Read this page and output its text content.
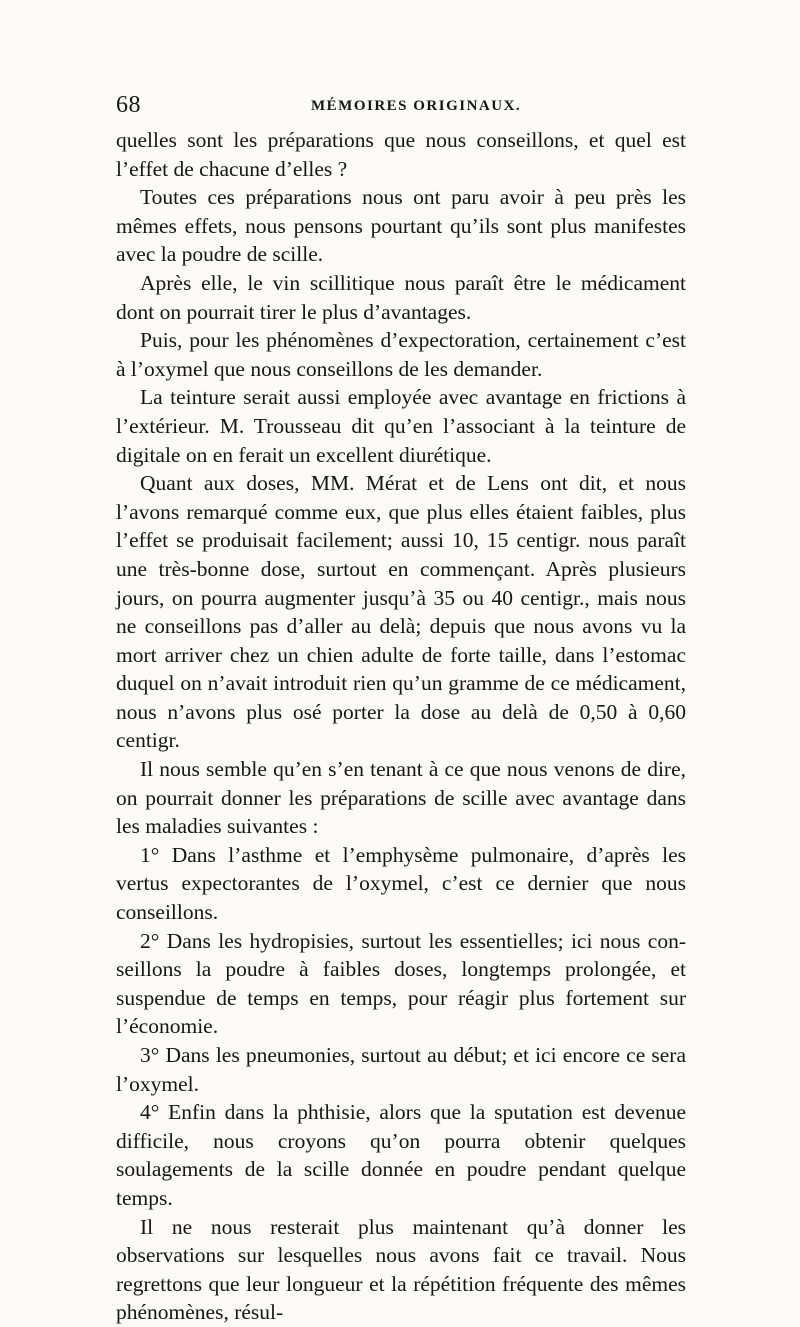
68	MÉMOIRES ORIGINAUX.

quelles sont les préparations que nous conseillons, et quel est l’effet de chacune d’elles ?

Toutes ces préparations nous ont paru avoir à peu près les mêmes effets, nous pensons pourtant qu’ils sont plus manifestes avec la poudre de scille.

Après elle, le vin scillitique nous paraît être le médicament dont on pourrait tirer le plus d’avantages.

Puis, pour les phénomènes d’expectoration, certainement c’est à l’oxymel que nous conseillons de les demander.

La teinture serait aussi employée avec avantage en frictions à l’extérieur. M. Trousseau dit qu’en l’associant à la teinture de digitale on en ferait un excellent diurétique.

Quant aux doses, MM. Mérat et de Lens ont dit, et nous l’avons remarqué comme eux, que plus elles étaient faibles, plus l’effet se produisait facilement; aussi 10, 15 centigr. nous paraît une très-bonne dose, surtout en commençant. Après plusieurs jours, on pourra augmenter jusqu’à 35 ou 40 centigr., mais nous ne conseillons pas d’aller au delà; depuis que nous avons vu la mort arriver chez un chien adulte de forte taille, dans l’estomac duquel on n’avait introduit rien qu’un gramme de ce médicament, nous n’avons plus osé porter la dose au delà de 0,50 à 0,60 centigr.

Il nous semble qu’en s’en tenant à ce que nous venons de dire, on pourrait donner les préparations de scille avec avantage dans les maladies suivantes :

1° Dans l’asthme et l’emphysème pulmonaire, d’après les vertus expectorantes de l’oxymel, c’est ce dernier que nous conseillons.

2° Dans les hydropisies, surtout les essentielles; ici nous conseillons la poudre à faibles doses, longtemps prolongée, et suspendue de temps en temps, pour réagir plus fortement sur l’économie.

3° Dans les pneumonies, surtout au début; et ici encore ce sera l’oxymel.

4° Enfin dans la phthisie, alors que la sputation est devenue difficile, nous croyons qu’on pourra obtenir quelques soulagements de la scille donnée en poudre pendant quelque temps.

Il ne nous resterait plus maintenant qu’à donner les observations sur lesquelles nous avons fait ce travail. Nous regrettons que leur longueur et la répétition fréquente des mêmes phénomènes, résul-
